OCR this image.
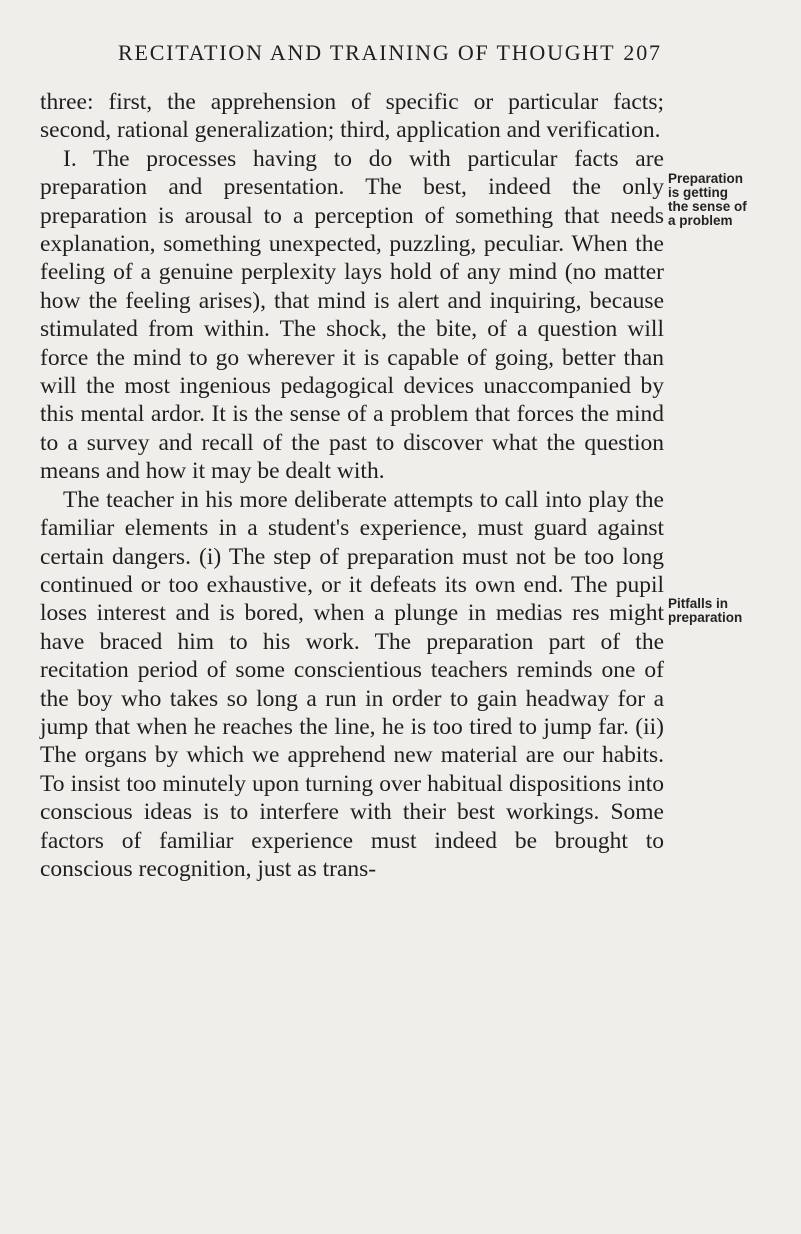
RECITATION AND TRAINING OF THOUGHT 207

three: first, the apprehension of specific or particular facts; second, rational generalization; third, application and verification.

I. The processes having to do with particular facts are preparation and presentation. The best, indeed the only preparation is arousal to a perception of something that needs explanation, something unexpected, puzzling, peculiar. When the feeling of a genuine perplexity lays hold of any mind (no matter how the feeling arises), that mind is alert and inquiring, because stimulated from within. The shock, the bite, of a question will force the mind to go wherever it is capable of going, better than will the most ingenious pedagogical devices unaccompanied by this mental ardor. It is the sense of a problem that forces the mind to a survey and recall of the past to discover what the question means and how it may be dealt with.

The teacher in his more deliberate attempts to call into play the familiar elements in a student's experience, must guard against certain dangers. (i) The step of preparation must not be too long continued or too exhaustive, or it defeats its own end. The pupil loses interest and is bored, when a plunge in medias res might have braced him to his work. The preparation part of the recitation period of some conscientious teachers reminds one of the boy who takes so long a run in order to gain headway for a jump that when he reaches the line, he is too tired to jump far. (ii) The organs by which we apprehend new material are our habits. To insist too minutely upon turning over habitual dispositions into conscious ideas is to interfere with their best workings. Some factors of familiar experience must indeed be brought to conscious recognition, just as trans-

Preparation
is getting
the sense of
a problem
Pitfalls in
preparation
